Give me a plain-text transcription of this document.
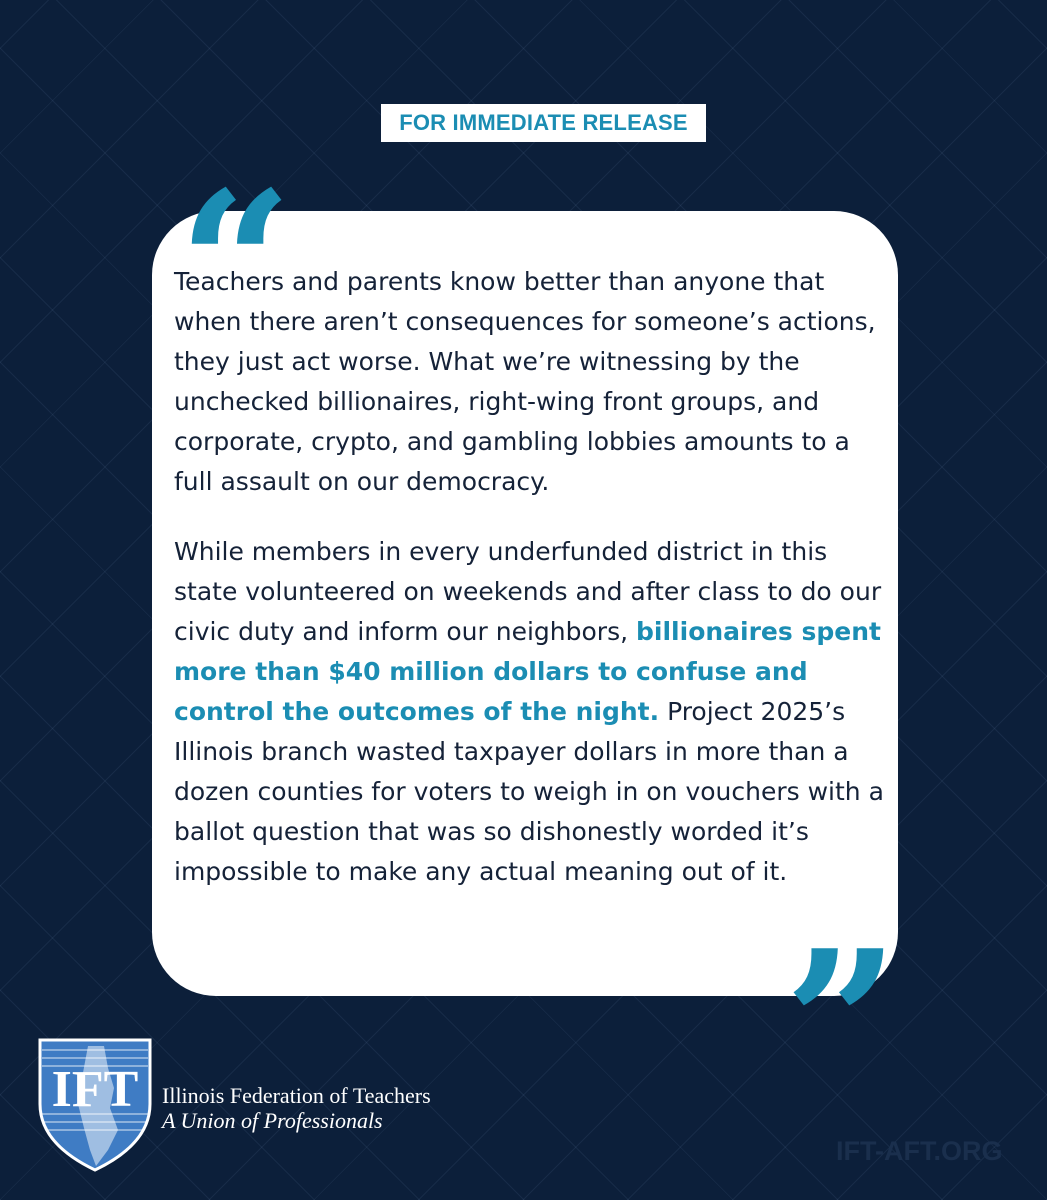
FOR IMMEDIATE RELEASE
“

Teachers and parents know better than anyone that when there aren’t consequences for someone’s actions, they just act worse. What we’re witnessing by the unchecked billionaires, right-wing front groups, and corporate, crypto, and gambling lobbies amounts to a full assault on our democracy.

While members in every underfunded district in this state volunteered on weekends and after class to do our civic duty and inform our neighbors, billionaires spent more than $40 million dollars to confuse and control the outcomes of the night. Project 2025’s Illinois branch wasted taxpayer dollars in more than a dozen counties for voters to weigh in on vouchers with a ballot question that was so dishonestly worded it’s impossible to make any actual meaning out of it.

”
IFT Illinois Federation of Teachers
A Union of Professionals
IFT-AFT.ORG
